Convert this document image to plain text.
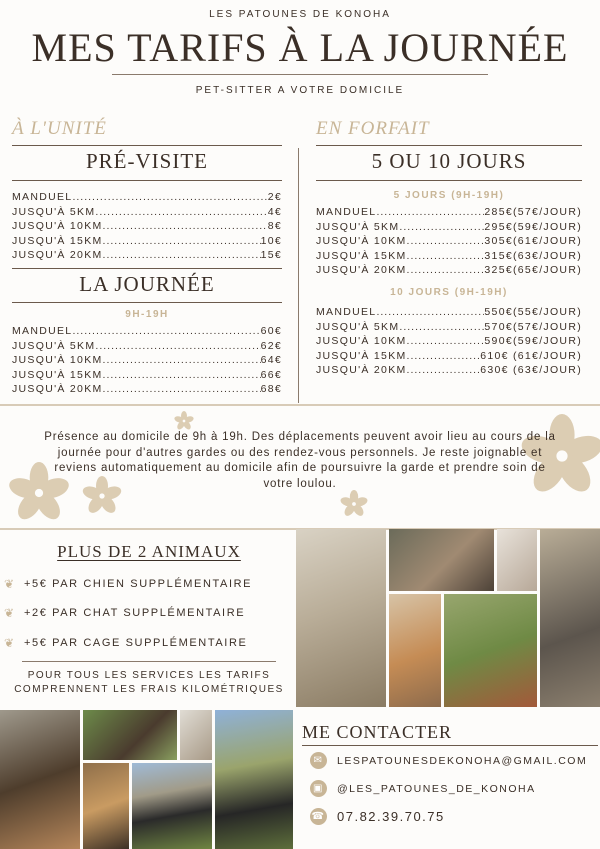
LES PATOUNES DE KONOHA
MES TARIFS À LA JOURNÉE
PET-SITTER A VOTRE DOMICILE
À L'UNITÉ
PRÉ-VISITE
MANDUEL .....	2€
JUSQU'À 5KM .....	4€
JUSQU'À 10KM .....	8€
JUSQU'À 15KM .....	10€
JUSQU'À 20KM .....	15€
LA JOURNÉE
9H-19H
MANDUEL .....	60€
JUSQU'À 5KM .....	62€
JUSQU'À 10KM .....	64€
JUSQU'À 15KM .....	66€
JUSQU'À 20KM .....	68€
EN FORFAIT
5 OU 10 JOURS
5 JOURS (9H-19H)
MANDUEL .....	285€(57€/JOUR)
JUSQU'À 5KM .....	295€(59€/JOUR)
JUSQU'À 10KM .....	305€(61€/JOUR)
JUSQU'À 15KM .....	315€(63€/JOUR)
JUSQU'À 20KM .....	325€(65€/JOUR)
10 JOURS (9H-19H)
MANDUEL .....	550€(55€/JOUR)
JUSQU'À 5KM .....	570€(57€/JOUR)
JUSQU'À 10KM .....	590€(59€/JOUR)
JUSQU'À 15KM .....	610€ (61€/JOUR)
JUSQU'À 20KM .....	630€ (63€/JOUR)
Présence au domicile de 9h à 19h. Des déplacements peuvent avoir lieu au cours de la journée pour d'autres gardes ou des rendez-vous personnels. Je reste joignable et reviens automatiquement au domicile afin de poursuivre la garde et prendre soin de votre loulou.
PLUS DE 2 ANIMAUX
❦ +5€ PAR CHIEN SUPPLÉMENTAIRE
❦ +2€ PAR CHAT SUPPLÉMENTAIRE
❦ +5€ PAR CAGE SUPPLÉMENTAIRE
POUR TOUS LES SERVICES LES TARIFS
COMPRENNENT LES FRAIS KILOMÉTRIQUES
ME CONTACTER
✉	LESPATOUNESDEKONOHA@GMAIL.COM
▣ @LES_PATOUNES_DE_KONOHA
☎ 07.82.39.70.75
